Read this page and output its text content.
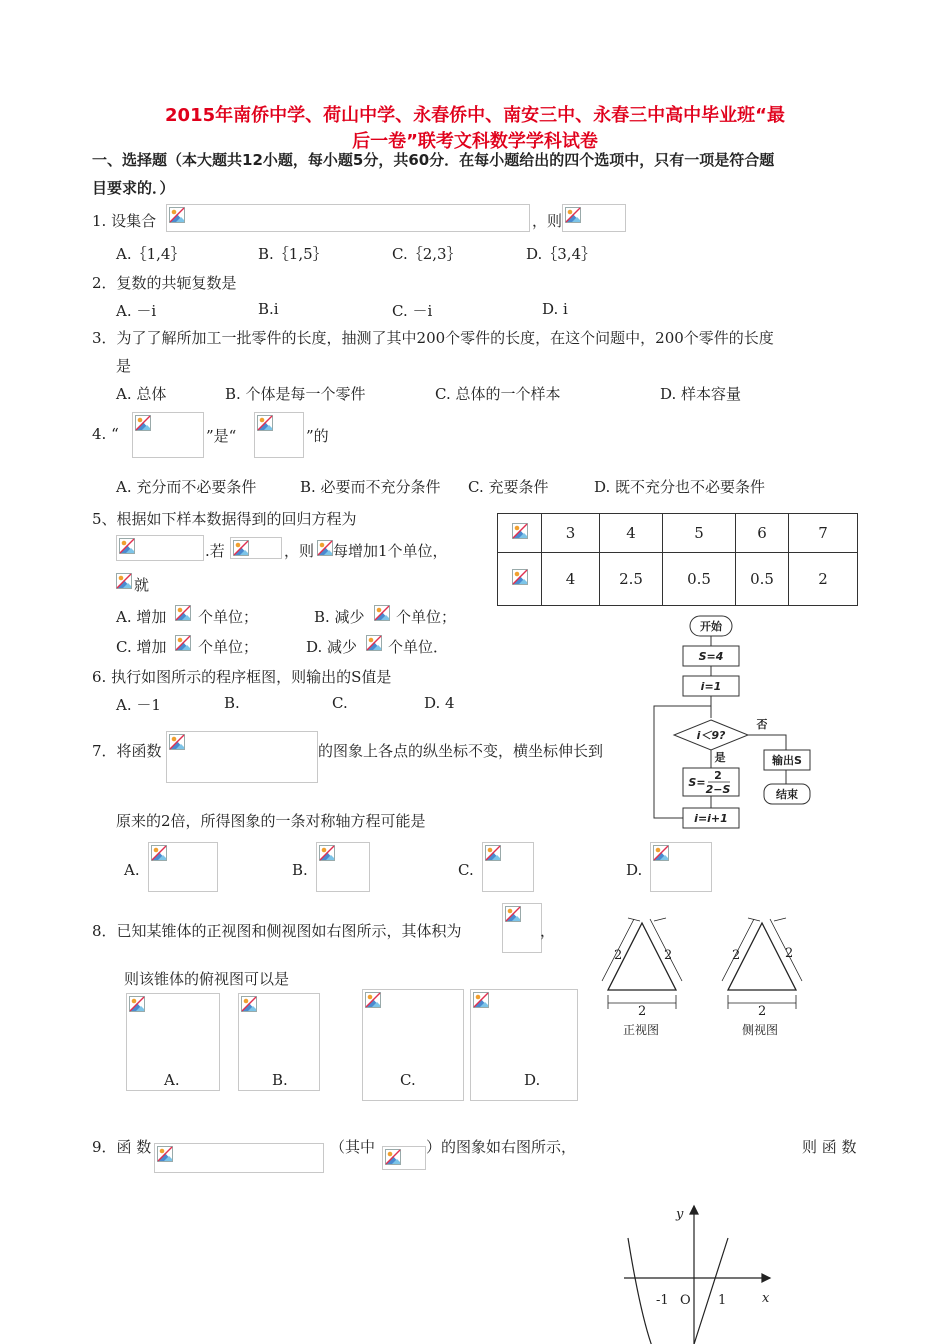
2015年南侨中学、荷山中学、永春侨中、南安三中、永春三中高中毕业班“最
后一卷”联考文科数学学科试卷
一、选择题（本大题共12小题，每小题5分，共60分．在每小题给出的四个选项中，只有一项是符合题
目要求的．）
1. 设集合	，则
A.｛1,4｝	B.｛1,5｝	C.｛2,3｝	D.｛3,4｝
2．复数的共轭复数是
A. －i	B.i	C. －i	D. i
3．为了了解所加工一批零件的长度，抽测了其中200个零件的长度，在这个问题中，200个零件的长度
是
A. 总体	B. 个体是每一个零件	C. 总体的一个样本	D. 样本容量
4. “	”是“	”的
A. 充分而不必要条件	B. 必要而不充分条件 C. 充要条件	D. 既不充分也不必要条件
5、根据如下样本数据得到的回归方程为
.若	，则 每增加1个单位，
就
A. 增加 个单位；	B. 减少 个单位；
C. 增加 个单位；	D. 减少 个单位．
	3	4	5	6	7
	4	2.5	0.5	0.5	2
6. 执行如图所示的程序框图，则输出的S值是
A. －1	B.	C.	D. 4
开始
S=4
i=1
i＜9?
否
是	输出S
结束
S=
2
2−S
i=i+1
7．将函数	的图象上各点的纵坐标不变，横坐标伸长到
原来的2倍，所得图象的一条对称轴方程可能是
A.	B.	C.	D.
8．已知某锥体的正视图和侧视图如右图所示，其体积为	，
则该锥体的俯视图可以是
A.	B.	C.	D.
2	2
2
2	2
2
正视图	侧视图
9．函 数	（其中	）的图象如右图所示，	则 函 数
y
x
O
-1	1
